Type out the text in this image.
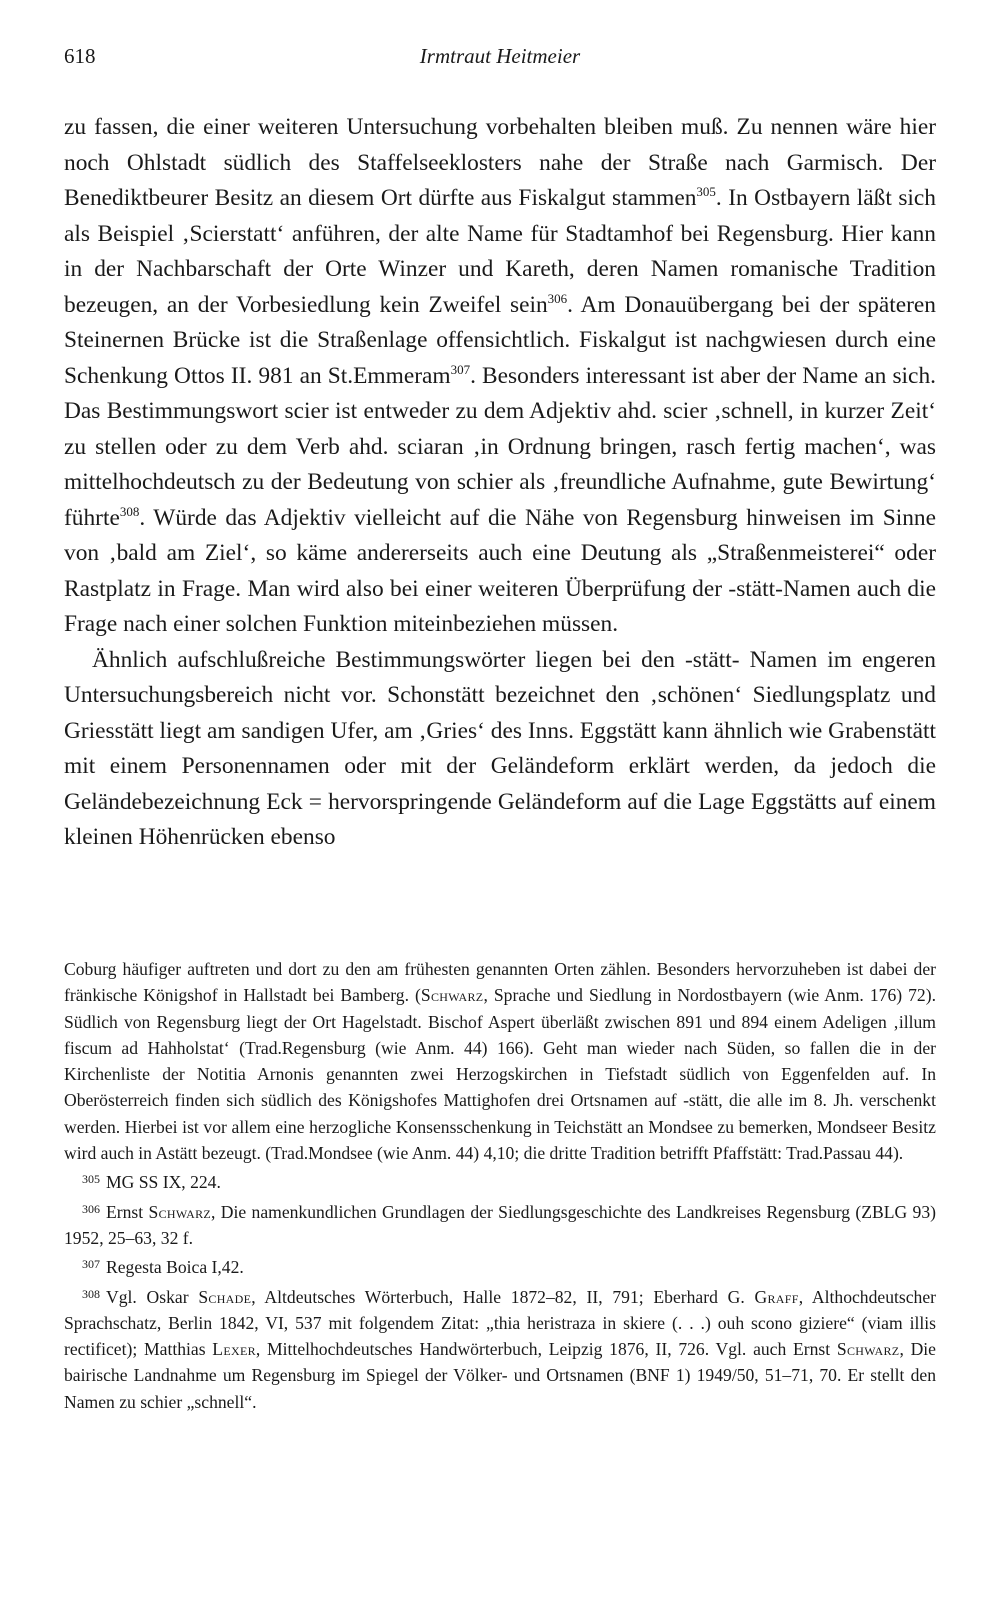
618	Irmtraut Heitmeier

zu fassen, die einer weiteren Untersuchung vorbehalten bleiben muß. Zu nennen wäre hier noch Ohlstadt südlich des Staffelseeklosters nahe der Straße nach Garmisch. Der Benediktbeurer Besitz an diesem Ort dürfte aus Fiskalgut stammen$^{305}$. In Ostbayern läßt sich als Beispiel ‚Scierstatt‘ anführen, der alte Name für Stadtamhof bei Regensburg. Hier kann in der Nachbarschaft der Orte Winzer und Kareth, deren Namen romanische Tradition bezeugen, an der Vorbesiedlung kein Zweifel sein$^{306}$. Am Donauübergang bei der späteren Steinernen Brücke ist die Straßenlage offensichtlich. Fiskalgut ist nachgwiesen durch eine Schenkung Ottos II. 981 an St.Emmeram$^{307}$. Besonders interessant ist aber der Name an sich. Das Bestimmungswort scier ist entweder zu dem Adjektiv ahd. scier ‚schnell, in kurzer Zeit‘ zu stellen oder zu dem Verb ahd. sciaran ‚in Ordnung bringen, rasch fertig machen‘, was mittelhochdeutsch zu der Bedeutung von schier als ‚freundliche Aufnahme, gute Bewirtung‘ führte$^{308}$. Würde das Adjektiv vielleicht auf die Nähe von Regensburg hinweisen im Sinne von ‚bald am Ziel‘, so käme andererseits auch eine Deutung als „Straßenmeisterei“ oder Rastplatz in Frage. Man wird also bei einer weiteren Überprüfung der -stätt-Namen auch die Frage nach einer solchen Funktion miteinbeziehen müssen.

Ähnlich aufschlußreiche Bestimmungswörter liegen bei den -stätt- Namen im engeren Untersuchungsbereich nicht vor. Schonstätt bezeichnet den ‚schönen‘ Siedlungsplatz und Griesstätt liegt am sandigen Ufer, am ‚Gries‘ des Inns. Eggstätt kann ähnlich wie Grabenstätt mit einem Personennamen oder mit der Geländeform erklärt werden, da jedoch die Geländebezeichnung Eck = hervorspringende Geländeform auf die Lage Eggstätts auf einem kleinen Höhenrücken ebenso

Coburg häufiger auftreten und dort zu den am frühesten genannten Orten zählen. Besonders hervorzuheben ist dabei der fränkische Königshof in Hallstadt bei Bamberg. (Schwarz, Sprache und Siedlung in Nordostbayern (wie Anm. 176) 72). Südlich von Regensburg liegt der Ort Hagelstadt. Bischof Aspert überläßt zwischen 891 und 894 einem Adeligen ‚illum fiscum ad Hahholstat‘ (Trad.Regensburg (wie Anm. 44) 166). Geht man wieder nach Süden, so fallen die in der Kirchenliste der Notitia Arnonis genannten zwei Herzogskirchen in Tiefstadt südlich von Eggenfelden auf. In Oberösterreich finden sich südlich des Königshofes Mattighofen drei Ortsnamen auf -stätt, die alle im 8. Jh. verschenkt werden. Hierbei ist vor allem eine herzogliche Konsensschenkung in Teichstätt an Mondsee zu bemerken, Mondseer Besitz wird auch in Astätt bezeugt. (Trad.Mondsee (wie Anm. 44) 4,10; die dritte Tradition betrifft Pfaffstätt: Trad.Passau 44).

$^{305}$ MG SS IX, 224.

$^{306}$ Ernst Schwarz, Die namenkundlichen Grundlagen der Siedlungsgeschichte des Landkreises Regensburg (ZBLG 93) 1952, 25–63, 32 f.

$^{307}$ Regesta Boica I,42.

$^{308}$ Vgl. Oskar Schade, Altdeutsches Wörterbuch, Halle 1872–82, II, 791; Eberhard G. Graff, Althochdeutscher Sprachschatz, Berlin 1842, VI, 537 mit folgendem Zitat: „thia heristraza in skiere (. . .) ouh scono giziere“ (viam illis rectificet); Matthias Lexer, Mittelhochdeutsches Handwörterbuch, Leipzig 1876, II, 726. Vgl. auch Ernst Schwarz, Die bairische Landnahme um Regensburg im Spiegel der Völker- und Ortsnamen (BNF 1) 1949/50, 51–71, 70. Er stellt den Namen zu schier „schnell“.
